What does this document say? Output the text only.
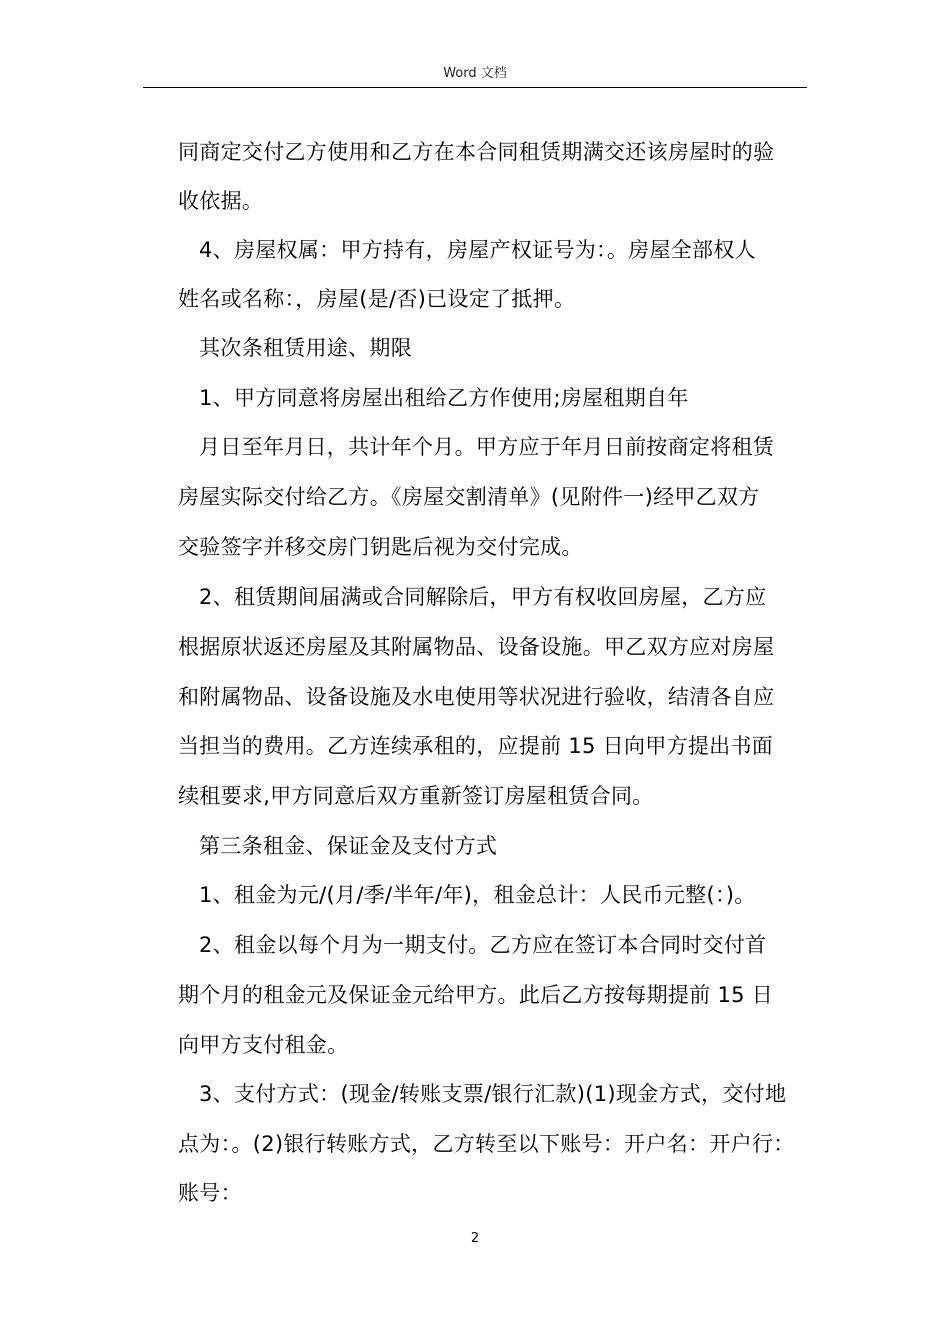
Word 文档
同商定交付乙方使用和乙方在本合同租赁期满交还该房屋时的验
收依据。
4、房屋权属：甲方持有，房屋产权证号为：。房屋全部权人
姓名或名称：，房屋(是/否)已设定了抵押。
其次条租赁用途、期限
1、甲方同意将房屋出租给乙方作使用;房屋租期自年
月日至年月日，共计年个月。甲方应于年月日前按商定将租赁
房屋实际交付给乙方。《房屋交割清单》(见附件一)经甲乙双方
交验签字并移交房门钥匙后视为交付完成。
2、租赁期间届满或合同解除后，甲方有权收回房屋，乙方应
根据原状返还房屋及其附属物品、设备设施。甲乙双方应对房屋
和附属物品、设备设施及水电使用等状况进行验收，结清各自应
当担当的费用。乙方连续承租的，应提前 15 日向甲方提出书面
续租要求,甲方同意后双方重新签订房屋租赁合同。
第三条租金、保证金及支付方式
1、租金为元/(月/季/半年/年)，租金总计：人民币元整(：)。
2、租金以每个月为一期支付。乙方应在签订本合同时交付首
期个月的租金元及保证金元给甲方。此后乙方按每期提前 15 日
向甲方支付租金。
3、支付方式：(现金/转账支票/银行汇款)(1)现金方式，交付地
点为：。(2)银行转账方式，乙方转至以下账号：开户名：开户行：
账号：
2
